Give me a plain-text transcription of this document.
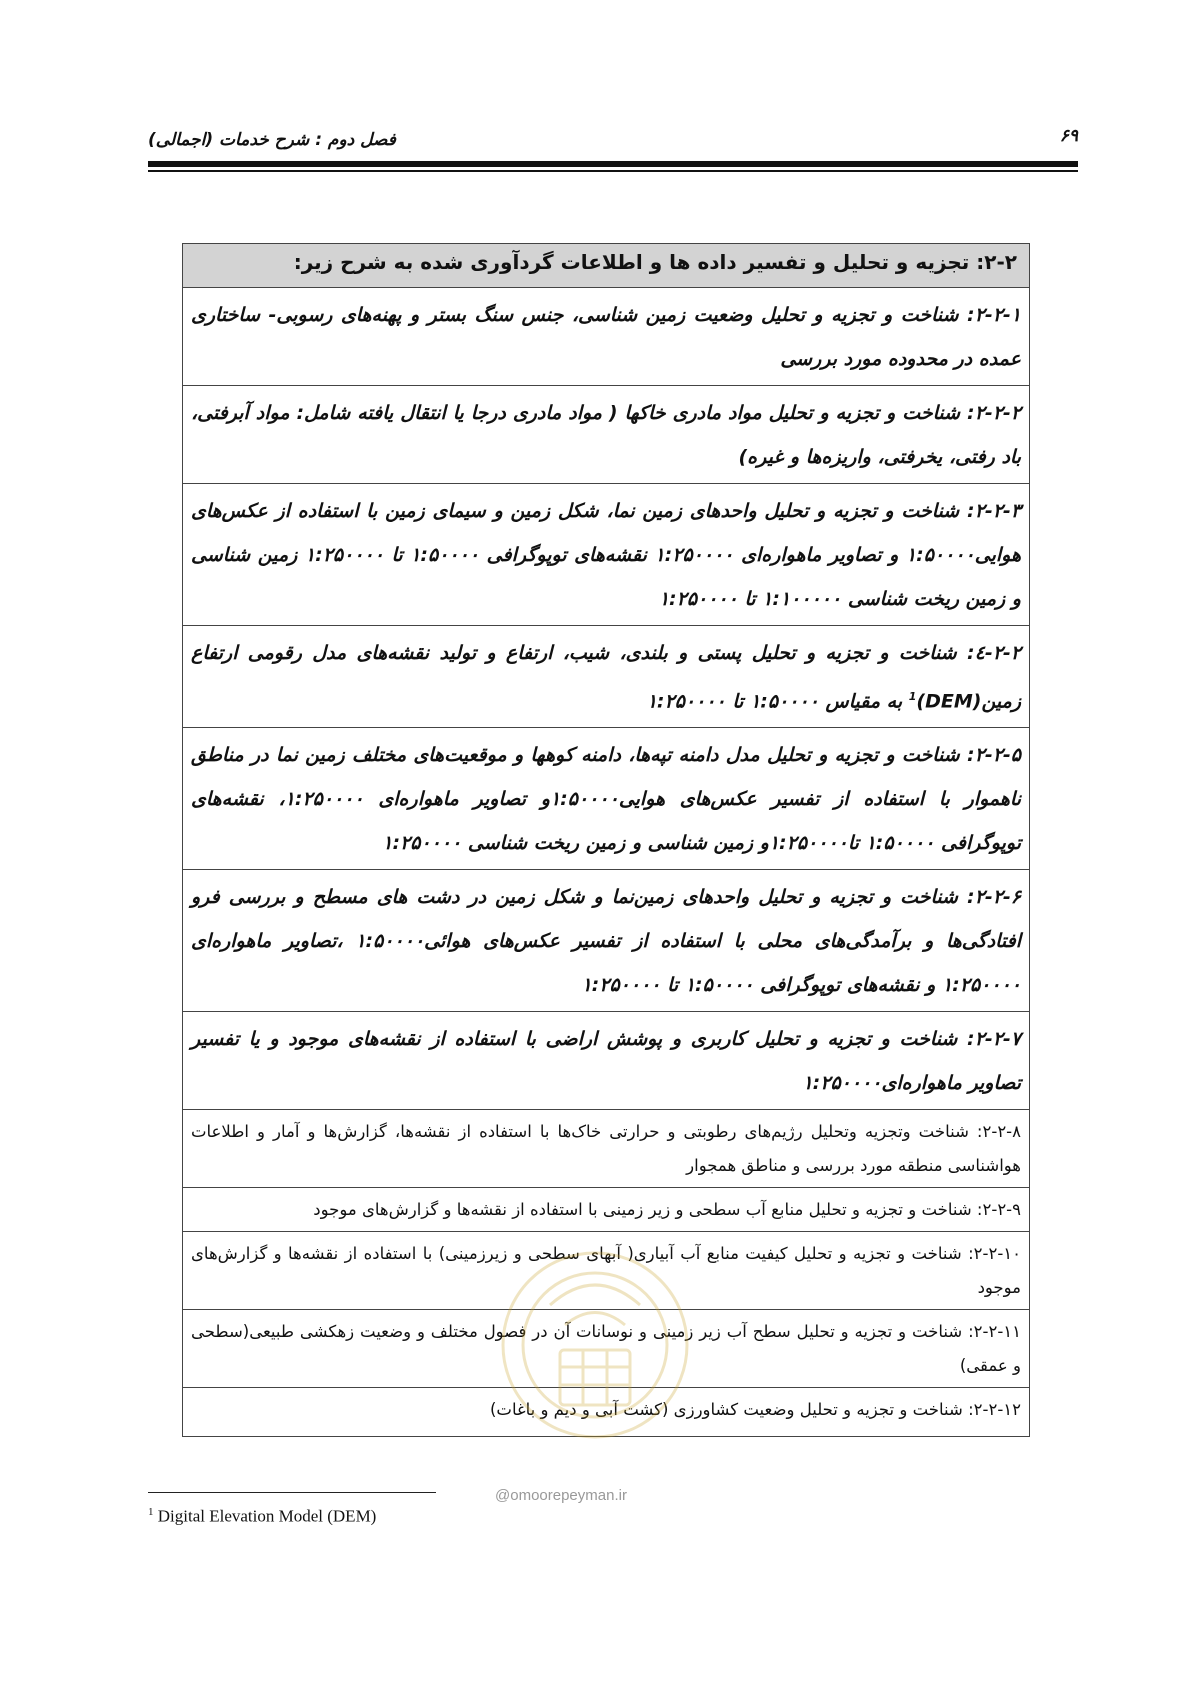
۶۹
فصل دوم : شرح خدمات (اجمالی)
۲-۲: تجزیه و تحلیل و تفسیر داده ها و اطلاعات گردآوری شده به شرح زیر:
۲-۲-۱: شناخت و تجزیه و تحلیل وضعیت زمین شناسی، جنس سنگ بستر و پهنه‌های رسوبی- ساختاری عمده در محدوده مورد بررسی
۲-۲-۲: شناخت و تجزیه و تحلیل مواد مادری خاکها ( مواد مادری درجا یا انتقال یافته شامل: مواد آبرفتی، باد رفتی، یخرفتی، واریزه‌ها و غیره)
۲-۲-۳: شناخت و تجزیه و تحلیل واحدهای زمین نما، شکل زمین و سیمای زمین با استفاده از عکس‌های هوایی۱:۵۰۰۰۰ و تصاویر ماهواره‌ای ۱:۲۵۰۰۰۰ نقشه‌های توپوگرافی ۱:۵۰۰۰۰ تا ۱:۲۵۰۰۰۰ زمین شناسی و زمین ریخت شناسی ۱:۱۰۰۰۰۰ تا ۱:۲۵۰۰۰۰
۲-۲-٤: شناخت و تجزیه و تحلیل پستی و بلندی، شیب، ارتفاع و تولید نقشه‌های مدل رقومی ارتفاع زمین(DEM)$^1$ به مقیاس ۱:۵۰۰۰۰ تا ۱:۲۵۰۰۰۰
۲-۲-۵: شناخت و تجزیه و تحلیل مدل دامنه تپه‌ها، دامنه کوهها و موقعیت‌های مختلف زمین نما در مناطق ناهموار با استفاده از تفسیر عکس‌های هوایی۱:۵۰۰۰۰و تصاویر ماهواره‌ای ۱:۲۵۰۰۰۰، نقشه‌های توپوگرافی ۱:۵۰۰۰۰ تا۱:۲۵۰۰۰۰و زمین شناسی و زمین ریخت شناسی ۱:۲۵۰۰۰۰
۲-۲-۶: شناخت و تجزیه و تحلیل واحدهای زمین‌نما و شکل زمین در دشت های مسطح و بررسی فرو افتادگی‌ها و برآمدگی‌های محلی با استفاده از تفسیر عکس‌های هوائی۱:۵۰۰۰۰ ،تصاویر ماهواره‌ای ۱:۲۵۰۰۰۰ و نقشه‌های توپوگرافی ۱:۵۰۰۰۰ تا ۱:۲۵۰۰۰۰
۲-۲-۷: شناخت و تجزیه و تحلیل کاربری و پوشش اراضی با استفاده از نقشه‌های موجود و یا تفسیر تصاویر ماهواره‌ای۱:۲۵۰۰۰۰
۲-۲-۸: شناخت وتجزیه وتحلیل رژیم‌های رطوبتی و حرارتی خاک‌ها با استفاده از نقشه‌ها، گزارش‌ها و آمار و اطلاعات هواشناسی منطقه مورد بررسی و مناطق همجوار
۲-۲-۹: شناخت و تجزیه و تحلیل منابع آب سطحی و زیر زمینی با استفاده از نقشه‌ها و گزارش‌های موجود
۲-۲-۱۰: شناخت و تجزیه و تحلیل کیفیت منابع آب آبیاری( آبهای سطحی و زیرزمینی) با استفاده از نقشه‌ها و گزارش‌های موجود
۲-۲-۱۱: شناخت و تجزیه و تحلیل سطح آب زیر زمینی و نوسانات آن در فصول مختلف و وضعیت زهکشی طبیعی(سطحی و عمقی)
۲-۲-۱۲: شناخت و تجزیه و تحلیل وضعیت کشاورزی (کشت آبی و دیم و باغات)
@omoorepeyman.ir
$^1$ Digital Elevation Model (DEM)
